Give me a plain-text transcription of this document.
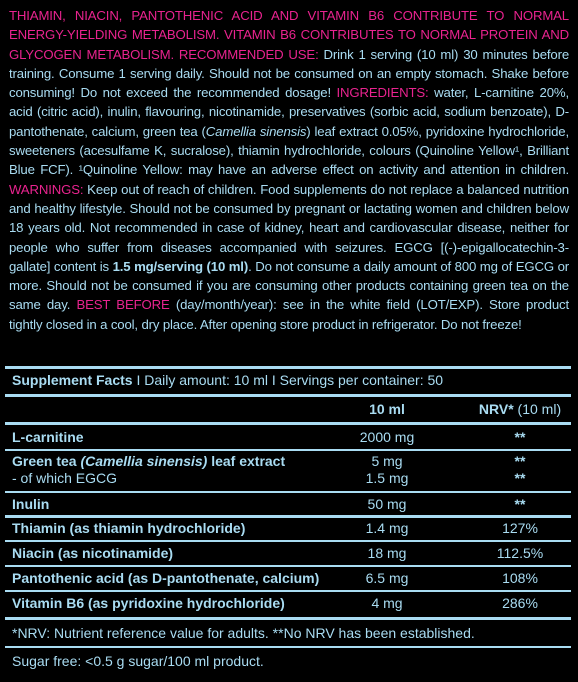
THIAMIN, NIACIN, PANTOTHENIC ACID AND VITAMIN B6 CONTRIBUTE TO NORMAL ENERGY-YIELDING METABOLISM. VITAMIN B6 CONTRIBUTES TO NORMAL PROTEIN AND GLYCOGEN METABOLISM. RECOMMENDED USE: Drink 1 serving (10 ml) 30 minutes before training. Consume 1 serving daily. Should not be consumed on an empty stomach. Shake before consuming! Do not exceed the recommended dosage! INGREDIENTS: water, L-carnitine 20%, acid (citric acid), inulin, flavouring, nicotinamide, preservatives (sorbic acid, sodium benzoate), D-pantothenate, calcium, green tea (Camellia sinensis) leaf extract 0.05%, pyridoxine hydrochloride, sweeteners (acesulfame K, sucralose), thiamin hydrochloride, colours (Quinoline Yellow¹, Brilliant Blue FCF). ¹Quinoline Yellow: may have an adverse effect on activity and attention in children. WARNINGS: Keep out of reach of children. Food supplements do not replace a balanced nutrition and healthy lifestyle. Should not be consumed by pregnant or lactating women and children below 18 years old. Not recommended in case of kidney, heart and cardiovascular disease, neither for people who suffer from diseases accompanied with seizures. EGCG [(-)-epigallocatechin-3-gallate] content is 1.5 mg/serving (10 ml). Do not consume a daily amount of 800 mg of EGCG or more. Should not be consumed if you are consuming other products containing green tea on the same day. BEST BEFORE (day/month/year): see in the white field (LOT/EXP). Store product tightly closed in a cool, dry place. After opening store product in refrigerator. Do not freeze!

Supplement Facts I Daily amount: 10 ml I Servings per container: 50
10 ml	NRV* (10 ml)
L-carnitine	2000 mg	**
Green tea (Camellia sinensis) leaf extract	5 mg	**
- of which EGCG	1.5 mg	**
Inulin	50 mg	**
Thiamin (as thiamin hydrochloride)	1.4 mg	127%
Niacin (as nicotinamide)	18 mg	112.5%
Pantothenic acid (as D-pantothenate, calcium)	6.5 mg	108%
Vitamin B6 (as pyridoxine hydrochloride)	4 mg	286%
*NRV: Nutrient reference value for adults. **No NRV has been established.
Sugar free: <0.5 g sugar/100 ml product.
